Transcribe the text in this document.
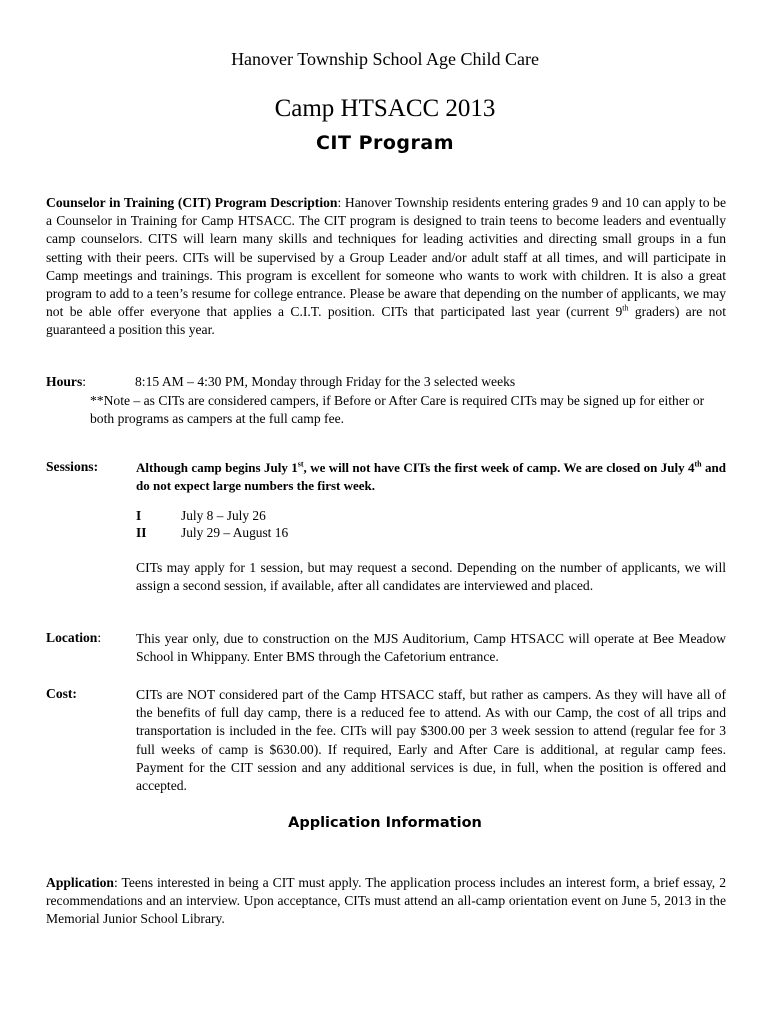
Hanover Township School Age Child Care
Camp HTSACC 2013
CIT Program
Counselor in Training (CIT) Program Description: Hanover Township residents entering grades 9 and 10 can apply to be a Counselor in Training for Camp HTSACC. The CIT program is designed to train teens to become leaders and eventually camp counselors. CITS will learn many skills and techniques for leading activities and directing small groups in a fun setting with their peers. CITs will be supervised by a Group Leader and/or adult staff at all times, and will participate in Camp meetings and trainings. This program is excellent for someone who wants to work with children. It is also a great program to add to a teen’s resume for college entrance. Please be aware that depending on the number of applicants, we may not be able offer everyone that applies a C.I.T. position. CITs that participated last year (current 9th graders) are not guaranteed a position this year.
Hours:	8:15 AM – 4:30 PM, Monday through Friday for the 3 selected weeks
**Note – as CITs are considered campers, if Before or After Care is required CITs may be signed up for either or both programs as campers at the full camp fee.
Sessions:	Although camp begins July 1st, we will not have CITs the first week of camp. We are closed on July 4th and do not expect large numbers the first week.
I	July 8 – July 26
II	July 29 – August 16
CITs may apply for 1 session, but may request a second. Depending on the number of applicants, we will assign a second session, if available, after all candidates are interviewed and placed.
Location:	This year only, due to construction on the MJS Auditorium, Camp HTSACC will operate at Bee Meadow School in Whippany. Enter BMS through the Cafetorium entrance.
Cost:	CITs are NOT considered part of the Camp HTSACC staff, but rather as campers. As they will have all of the benefits of full day camp, there is a reduced fee to attend. As with our Camp, the cost of all trips and transportation is included in the fee. CITs will pay $300.00 per 3 week session to attend (regular fee for 3 full weeks of camp is $630.00). If required, Early and After Care is additional, at regular camp fees. Payment for the CIT session and any additional services is due, in full, when the position is offered and accepted.
Application Information
Application: Teens interested in being a CIT must apply. The application process includes an interest form, a brief essay, 2 recommendations and an interview. Upon acceptance, CITs must attend an all-camp orientation event on June 5, 2013 in the Memorial Junior School Library.
